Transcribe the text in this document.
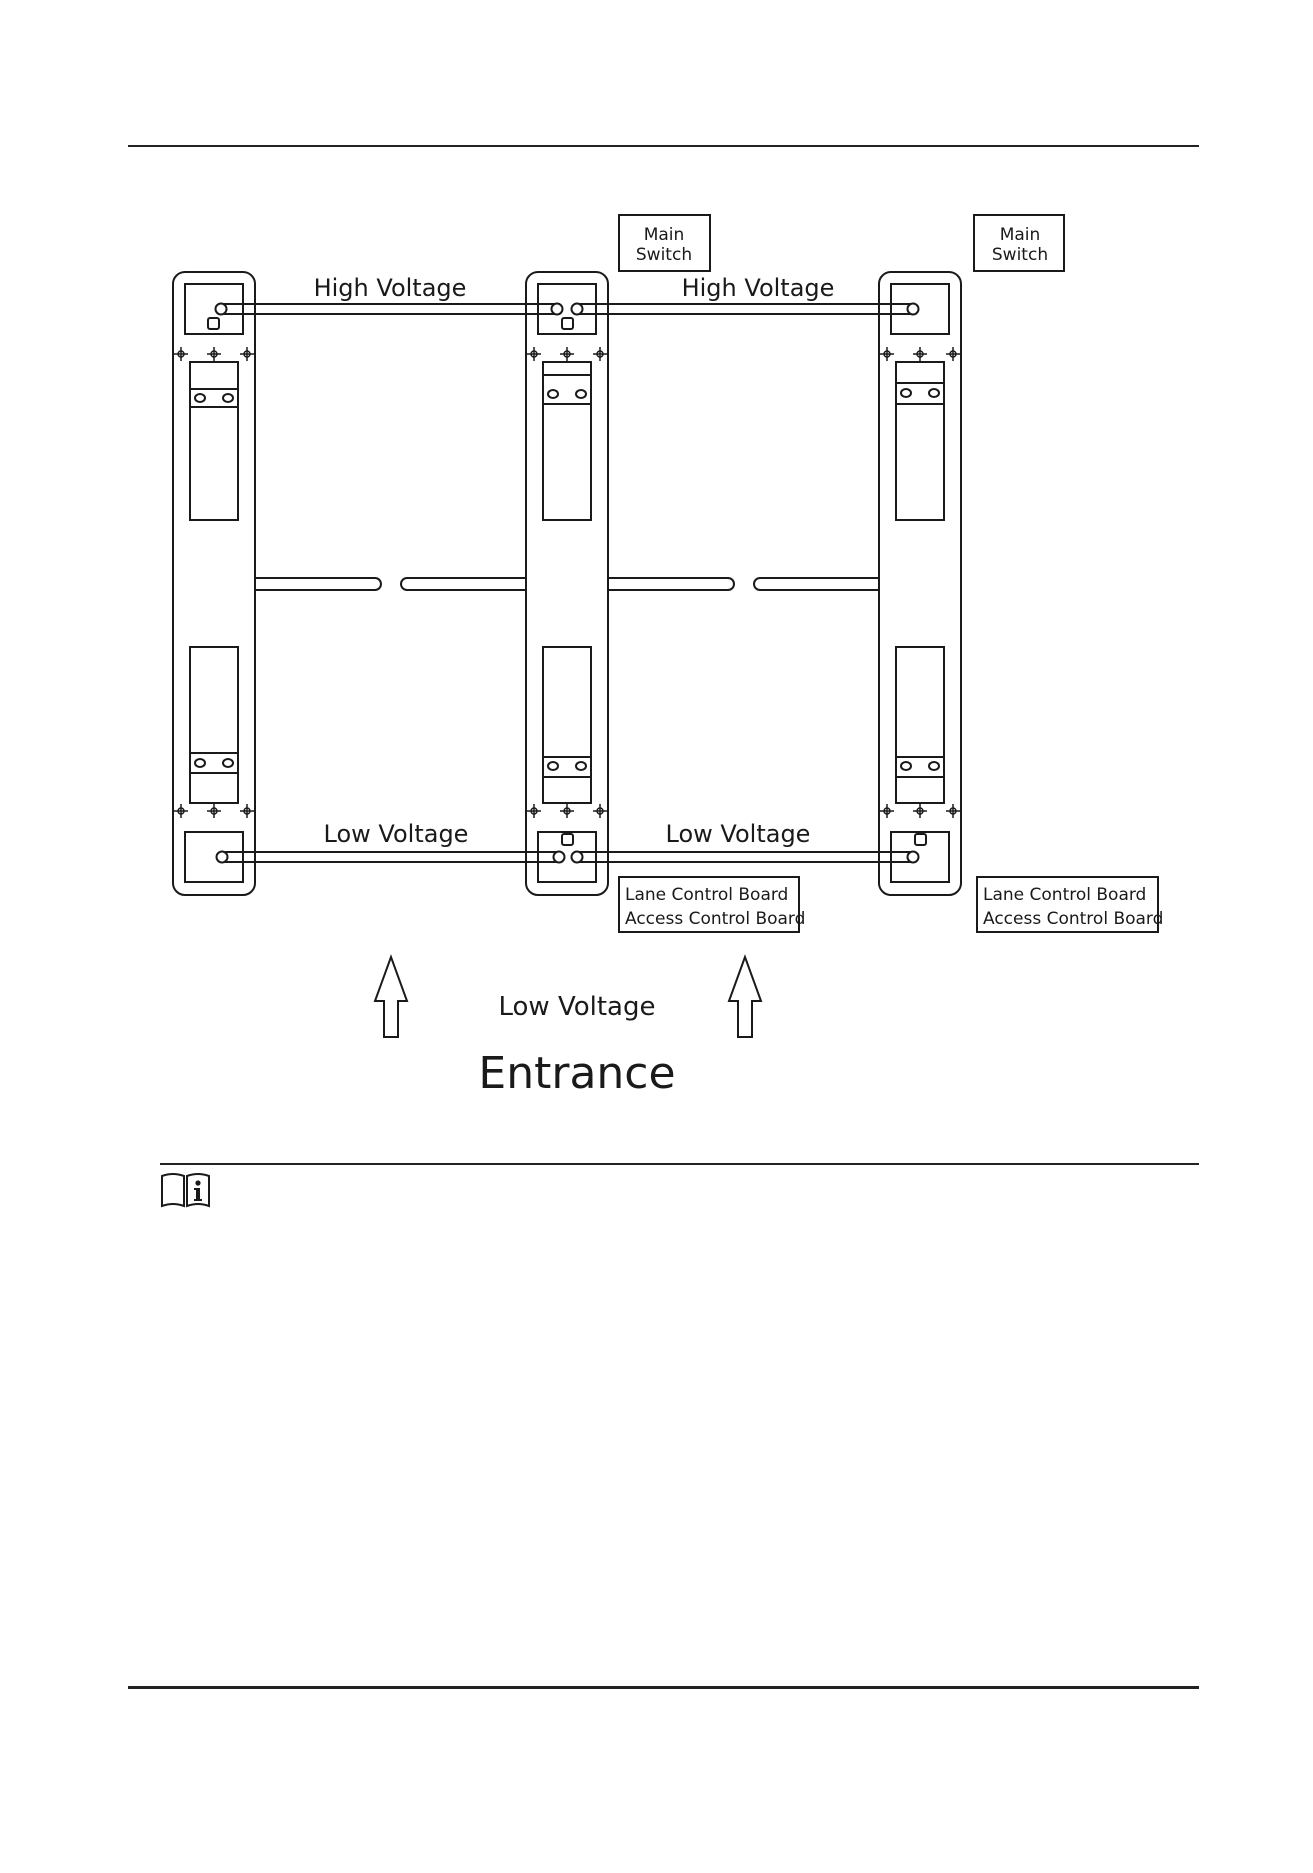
High Voltage	High Voltage
Low Voltage	Low Voltage
Low Voltage
Entrance
Main
Switch
Main
Switch
Lane Control Board
Access Control Board
Lane Control Board
Access Control Board
